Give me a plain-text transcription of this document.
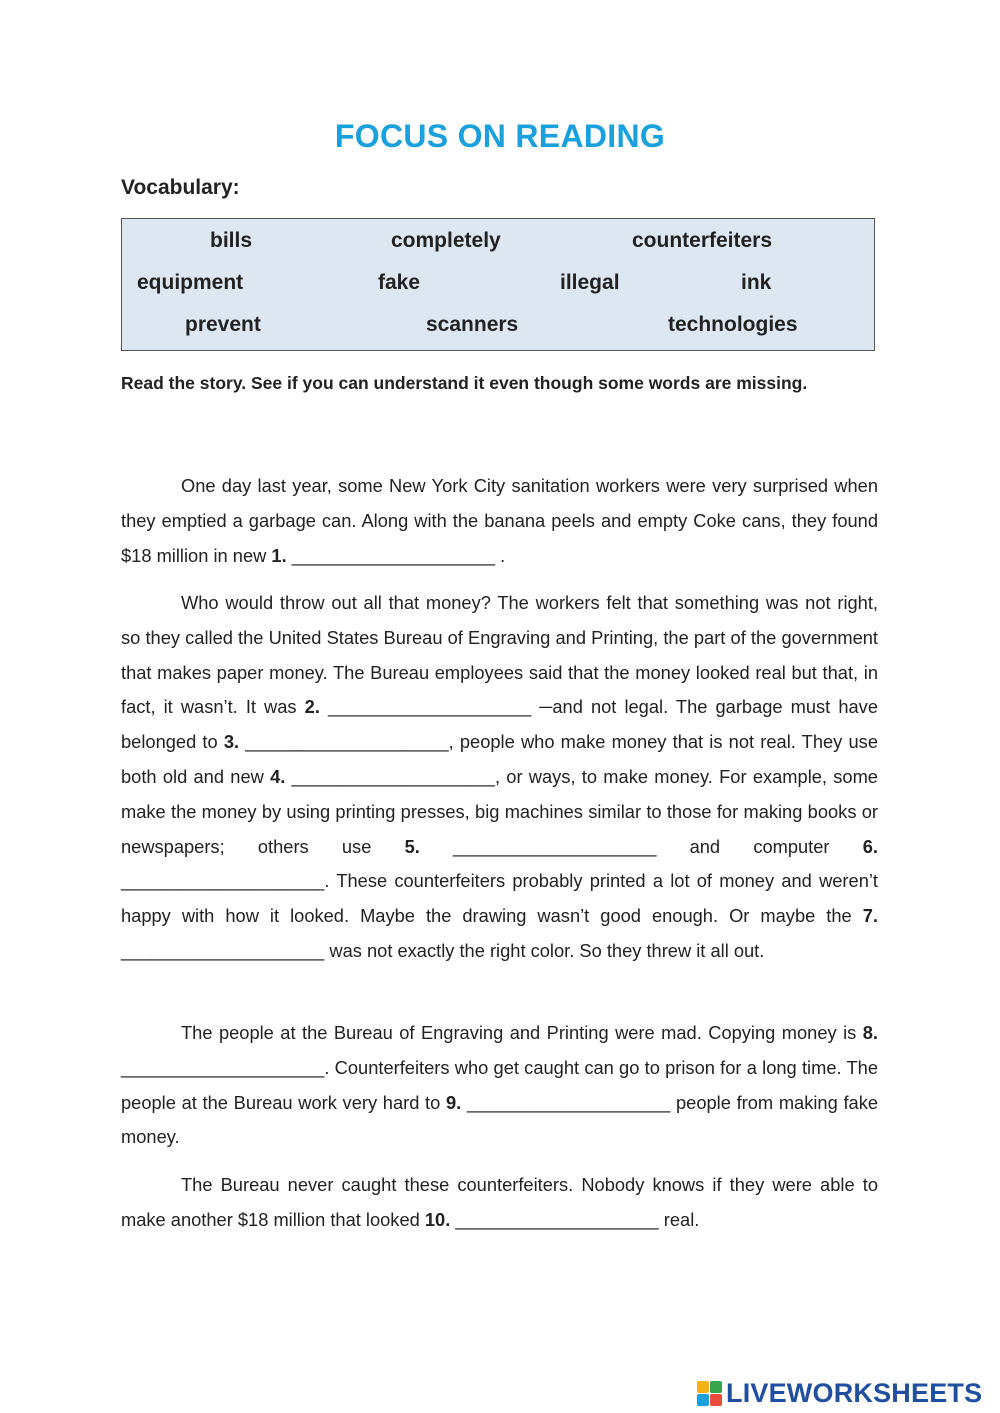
FOCUS ON READING
Vocabulary:
bills	completely	counterfeiters
equipment	fake	illegal	ink
prevent	scanners	technologies
Read the story. See if you can understand it even though some words are missing.

One day last year, some New York City sanitation workers were very surprised when they emptied a garbage can. Along with the banana peels and empty Coke cans, they found $18 million in new 1. ____________________ .

Who would throw out all that money? The workers felt that something was not right, so they called the United States Bureau of Engraving and Printing, the part of the government that makes paper money. The Bureau employees said that the money looked real but that, in fact, it wasn’t. It was 2. ____________________ ─and not legal. The garbage must have belonged to 3. ____________________, people who make money that is not real. They use both old and new 4. ____________________, or ways, to make money. For example, some make the money by using printing presses, big machines similar to those for making books or newspapers; others use 5. ____________________ and computer 6. ____________________. These counterfeiters probably printed a lot of money and weren’t happy with how it looked. Maybe the drawing wasn’t good enough. Or maybe the 7. ____________________ was not exactly the right color. So they threw it all out.

The people at the Bureau of Engraving and Printing were mad. Copying money is 8. ____________________. Counterfeiters who get caught can go to prison for a long time. The people at the Bureau work very hard to 9. ____________________ people from making fake money.

The Bureau never caught these counterfeiters. Nobody knows if they were able to make another $18 million that looked 10. ____________________ real.

LIVEWORKSHEETS
